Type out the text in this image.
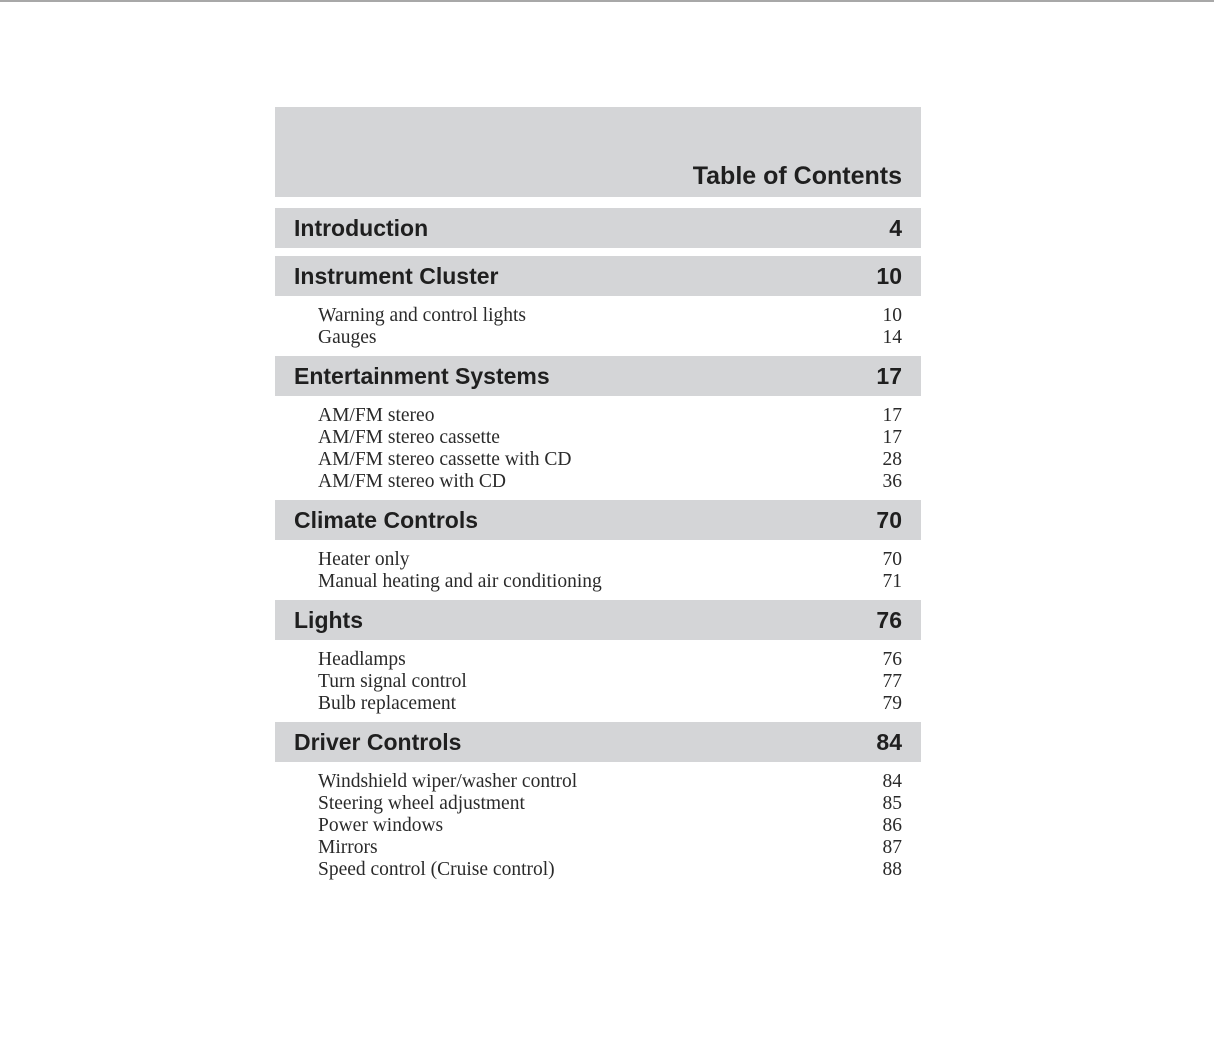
Table of Contents
Introduction	4
Instrument Cluster	10
Warning and control lights	10
Gauges	14
Entertainment Systems	17
AM/FM stereo	17
AM/FM stereo cassette	17
AM/FM stereo cassette with CD	28
AM/FM stereo with CD	36
Climate Controls	70
Heater only	70
Manual heating and air conditioning	71
Lights	76
Headlamps	76
Turn signal control	77
Bulb replacement	79
Driver Controls	84
Windshield wiper/washer control	84
Steering wheel adjustment	85
Power windows	86
Mirrors	87
Speed control (Cruise control)	88
